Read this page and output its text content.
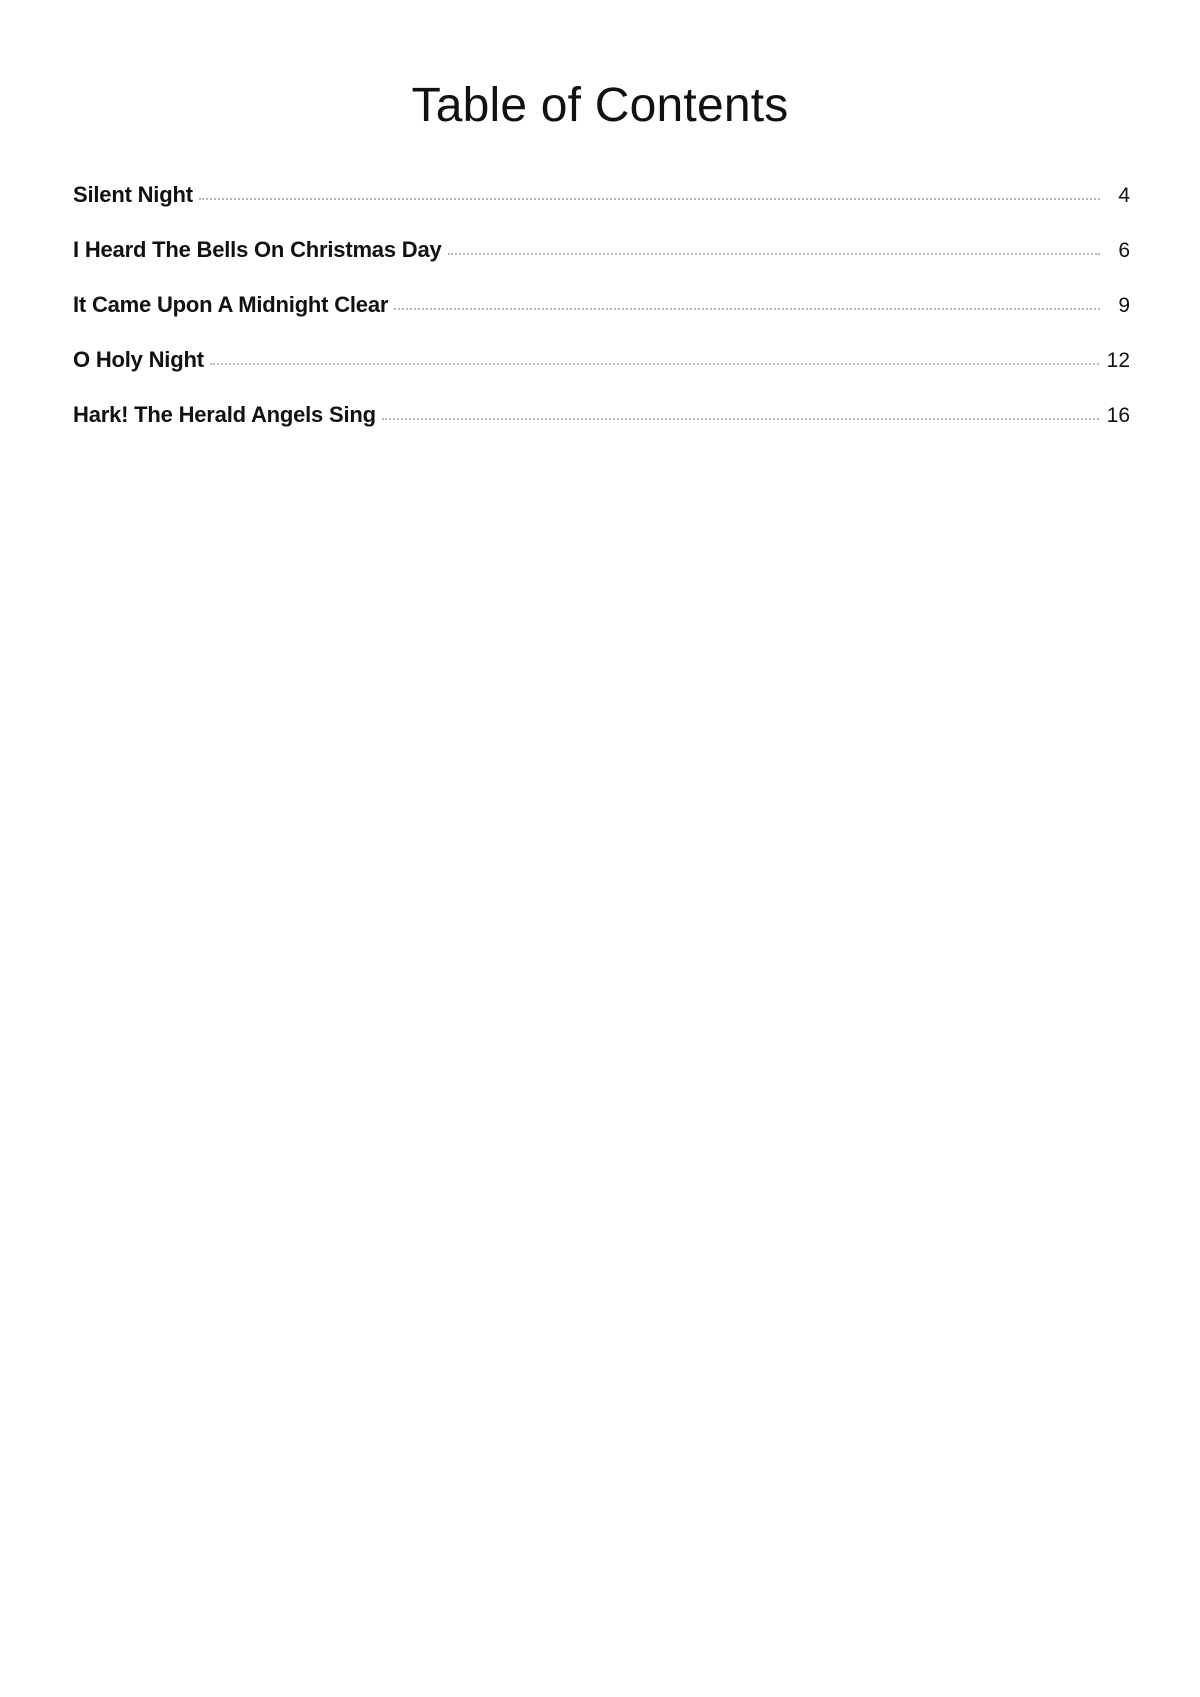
Table of Contents
Silent Night	4
I Heard The Bells On Christmas Day	6
It Came Upon A Midnight Clear	9
O Holy Night	12
Hark! The Herald Angels Sing	16
